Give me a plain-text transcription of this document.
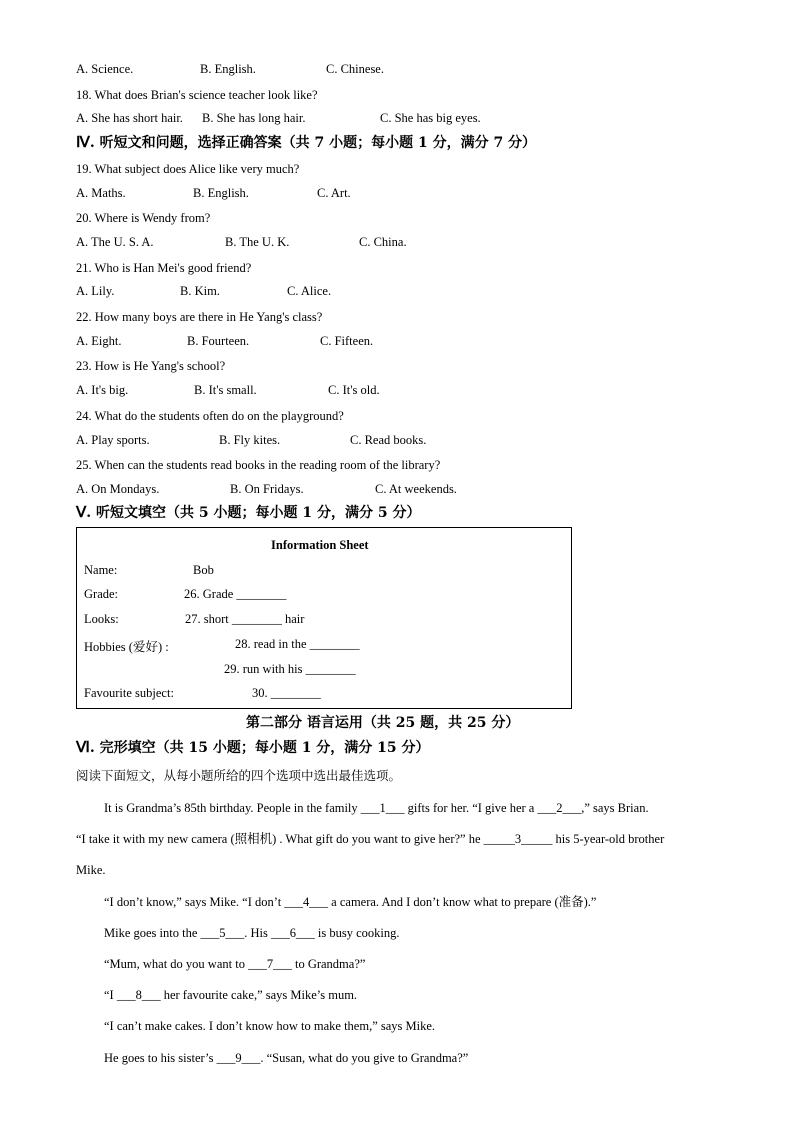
A. Science.	B. English.	C. Chinese.
18. What does Brian's science teacher look like?
A. She has short hair. B. She has long hair.	C. She has big eyes.
Ⅳ. 听短文和问题，选择正确答案（共 7 小题；每小题 1 分，满分 7 分）
19. What subject does Alice like very much?
A. Maths.	B. English.	C. Art.
20. Where is Wendy from?
A. The U. S. A.	B. The U. K.	C. China.
21. Who is Han Mei's good friend?
A. Lily.	B. Kim.	C. Alice.
22. How many boys are there in He Yang's class?
A. Eight.	B. Fourteen.	C. Fifteen.
23. How is He Yang's school?
A. It's big.	B. It's small.	C. It's old.
24. What do the students often do on the playground?
A. Play sports.	B. Fly kites.	C. Read books.
25. When can the students read books in the reading room of the library?
A. On Mondays.	B. On Fridays.	C. At weekends.
Ⅴ. 听短文填空（共 5 小题；每小题 1 分，满分 5 分）
Information Sheet
Name:	Bob
Grade:	26. Grade ________
Looks:	27. short ________ hair
Hobbies (爱好) :	28. read in the ________
29. run with his ________
Favourite subject:	30. ________
第二部分 语言运用（共 25 题，共 25 分）
Ⅵ. 完形填空（共 15 小题；每小题 1 分，满分 15 分）
阅读下面短文，从每小题所给的四个选项中选出最佳选项。
It is Grandma’s 85th birthday. People in the family ___1___ gifts for her. “I give her a ___2___,” says Brian.
“I take it with my new camera (照相机) . What gift do you want to give her?” he _____3_____ his 5-year-old brother
Mike.
“I don’t know,” says Mike. “I don’t ___4___ a camera. And I don’t know what to prepare (准备).”
Mike goes into the ___5___. His ___6___ is busy cooking.
“Mum, what do you want to ___7___ to Grandma?”
“I ___8___ her favourite cake,” says Mike’s mum.
“I can’t make cakes. I don’t know how to make them,” says Mike.
He goes to his sister’s ___9___. “Susan, what do you give to Grandma?”
